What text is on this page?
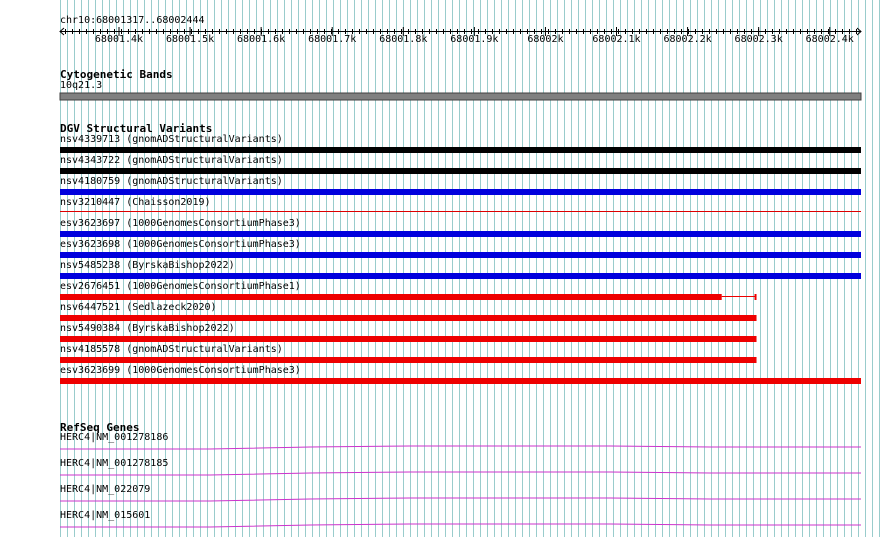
chr10:68001317..68002444
68001.4k 68001.5k 68001.6k 68001.7k 68001.8k 68001.9k	68002k	68002.1k 68002.2k 68002.3k 68002.4k
Cytogenetic Bands
10q21.3
DGV Structural Variants
nsv4339713 (gnomADStructuralVariants)
nsv4343722 (gnomADStructuralVariants)
nsv4180759 (gnomADStructuralVariants)
nsv3210447 (Chaisson2019)
esv3623697 (1000GenomesConsortiumPhase3)
esv3623698 (1000GenomesConsortiumPhase3)
nsv5485238 (ByrskaBishop2022)
esv2676451 (1000GenomesConsortiumPhase1)
nsv6447521 (Sedlazeck2020)
nsv5490384 (ByrskaBishop2022)
nsv4185578 (gnomADStructuralVariants)
esv3623699 (1000GenomesConsortiumPhase3)
RefSeq Genes
HERC4|NM_001278186
HERC4|NM_001278185
HERC4|NM_022079
HERC4|NM_015601
